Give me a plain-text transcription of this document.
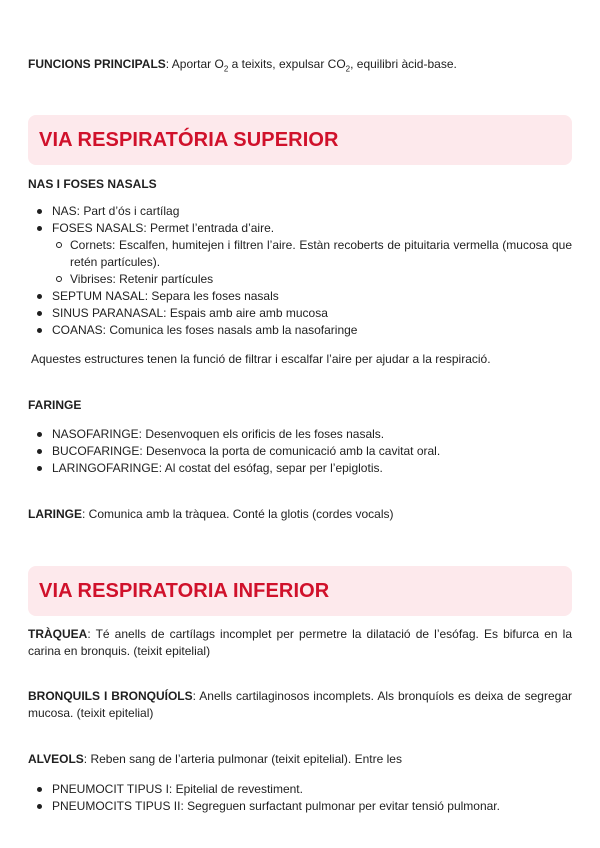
FUNCIONS PRINCIPALS: Aportar $O_2$ a teixits, expulsar $CO_2$, equilibri àcid-base.

VIA RESPIRATÓRIA SUPERIOR

NAS I FOSES NASALS

NAS: Part d’ós i cartílag
FOSES NASALS: Permet l’entrada d’aire.
Cornets: Escalfen, humitejen i filtren l’aire. Estàn recoberts de pituitaria vermella (mucosa que retén partícules).
Vibrises: Retenir partícules
SEPTUM NASAL: Separa les foses nasals
SINUS PARANASAL: Espais amb aire amb mucosa
COANAS: Comunica les foses nasals amb la nasofaringe

Aquestes estructures tenen la funció de filtrar i escalfar l’aire per ajudar a la respiració.

FARINGE

NASOFARINGE: Desenvoquen els orificis de les foses nasals.
BUCOFARINGE: Desenvoca la porta de comunicació amb la cavitat oral.
LARINGOFARINGE: Al costat del esófag, separ per l’epiglotis.

LARINGE: Comunica amb la tràquea. Conté la glotis (cordes vocals)

VIA RESPIRATORIA INFERIOR

TRÀQUEA: Té anells de cartílags incomplet per permetre la dilatació de l’esófag. Es bifurca en la carina en bronquis. (teixit epitelial)

BRONQUILS I BRONQUÍOLS: Anells cartilaginosos incomplets. Als bronquíols es deixa de segregar mucosa. (teixit epitelial)

ALVEOLS: Reben sang de l’arteria pulmonar (teixit epitelial). Entre les

PNEUMOCIT TIPUS I: Epitelial de revestiment.
PNEUMOCITS TIPUS II: Segreguen surfactant pulmonar per evitar tensió pulmonar.
